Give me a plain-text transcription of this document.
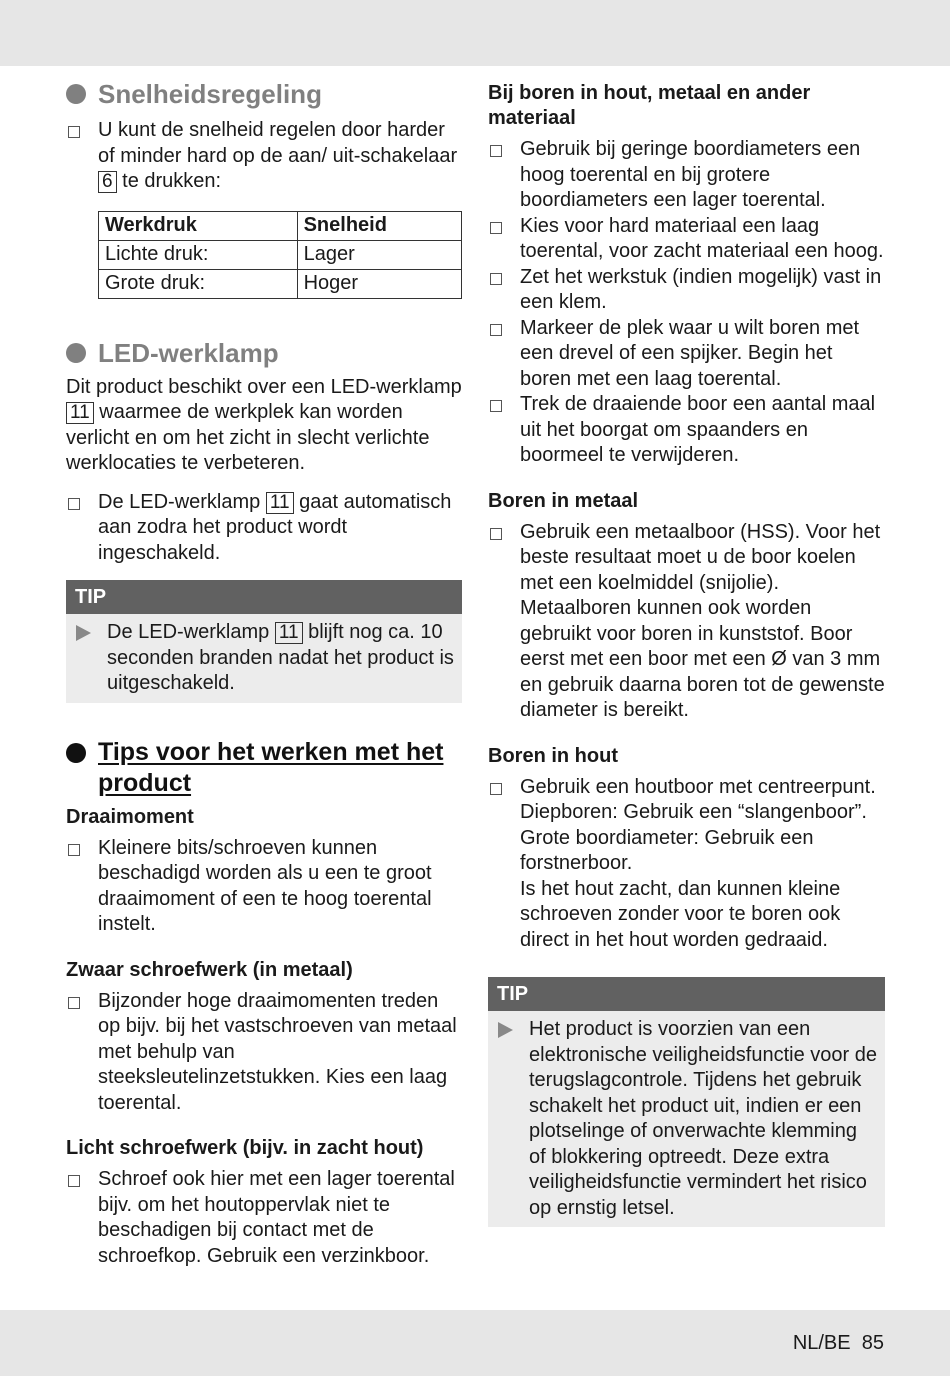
Snelheidsregeling
U kunt de snelheid regelen door harder of minder hard op de aan/ uit-schakelaar 6 te drukken:
Werkdruk	Snelheid
Lichte druk:	Lager
Grote druk:	Hoger
LED-werklamp

Dit product beschikt over een LED-werklamp 11 waarmee de werkplek kan worden verlicht en om het zicht in slecht verlichte werklocaties te verbeteren.

De LED-werklamp 11 gaat automatisch aan zodra het product wordt ingeschakeld.
TIP
De LED-werklamp 11 blijft nog ca. 10 seconden branden nadat het product is uitgeschakeld.
Tips voor het werken met het product
Draaimoment
Kleinere bits/schroeven kunnen beschadigd worden als u een te groot draaimoment of een te hoog toerental instelt.
Zwaar schroefwerk (in metaal)
Bijzonder hoge draaimomenten treden op bijv. bij het vastschroeven van metaal met behulp van steeksleutelinzetstukken. Kies een laag toerental.
Licht schroefwerk (bijv. in zacht hout)
Schroef ook hier met een lager toerental bijv. om het houtoppervlak niet te beschadigen bij contact met de schroefkop. Gebruik een verzinkboor.
Bij boren in hout, metaal en ander materiaal
Gebruik bij geringe boordiameters een hoog toerental en bij grotere boordiameters een lager toerental.
Kies voor hard materiaal een laag toerental, voor zacht materiaal een hoog.
Zet het werkstuk (indien mogelijk) vast in een klem.
Markeer de plek waar u wilt boren met een drevel of een spijker. Begin het boren met een laag toerental.
Trek de draaiende boor een aantal maal uit het boorgat om spaanders en boormeel te verwijderen.
Boren in metaal
Gebruik een metaalboor (HSS). Voor het beste resultaat moet u de boor koelen met een koelmiddel (snijolie). Metaalboren kunnen ook worden gebruikt voor boren in kunststof. Boor eerst met een boor met een Ø van 3 mm en gebruik daarna boren tot de gewenste diameter is bereikt.
Boren in hout
Gebruik een houtboor met centreerpunt.
Diepboren: Gebruik een “slangenboor”.
Grote boordiameter: Gebruik een forstnerboor.
Is het hout zacht, dan kunnen kleine schroeven zonder voor te boren ook direct in het hout worden gedraaid.
TIP
Het product is voorzien van een elektronische veiligheidsfunctie voor de terugslagcontrole. Tijdens het gebruik schakelt het product uit, indien er een plotselinge of onverwachte klemming of blokkering optreedt. Deze extra veiligheidsfunctie vermindert het risico op ernstig letsel.
NL/BE 85
